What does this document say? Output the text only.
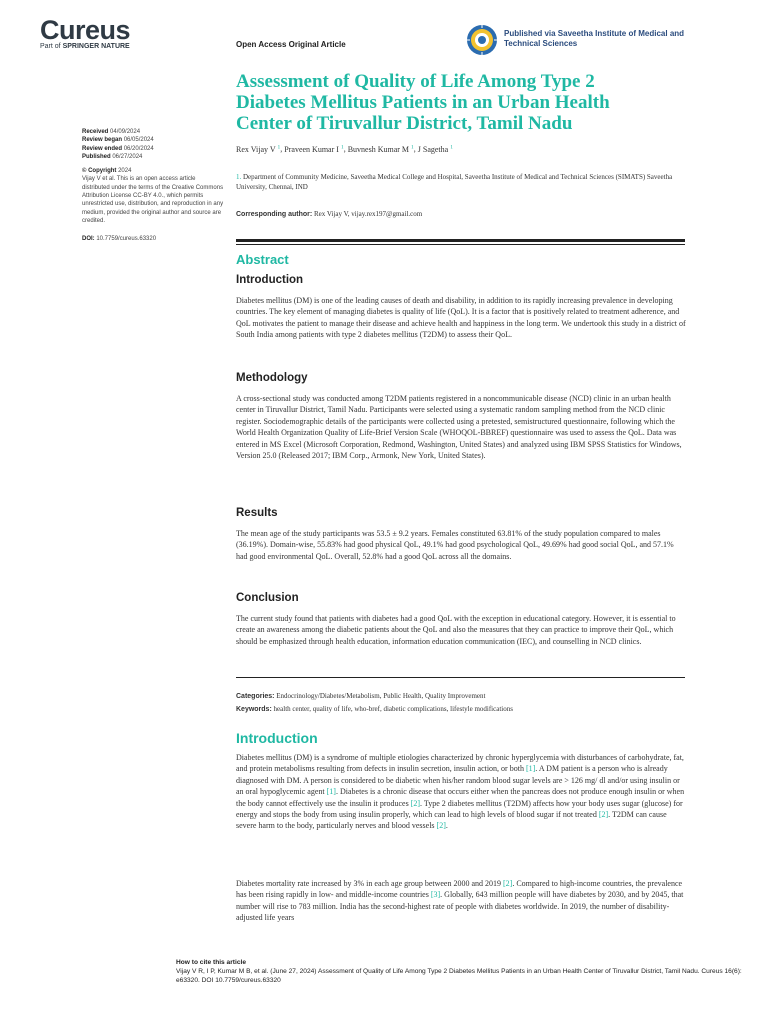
Cureus
Part of SPRINGER NATURE	Open Access Original Article
Published via Saveetha Institute of Medical and Technical Sciences
Assessment of Quality of Life Among Type 2 Diabetes Mellitus Patients in an Urban Health Center of Tiruvallur District, Tamil Nadu
Received 04/09/2024
Review began 06/05/2024
Review ended 06/20/2024
Published 06/27/2024
© Copyright 2024
Vijay V et al. This is an open access article distributed under the terms of the Creative Commons Attribution License CC-BY 4.0., which permits unrestricted use, distribution, and reproduction in any medium, provided the original author and source are credited.
DOI: 10.7759/cureus.63320
Rex Vijay V $^1$, Praveen Kumar I $^1$, Buvnesh Kumar M $^1$, J Sagetha $^1$
1. Department of Community Medicine, Saveetha Medical College and Hospital, Saveetha Institute of Medical and Technical Sciences (SIMATS) Saveetha University, Chennai, IND
Corresponding author: Rex Vijay V, vijay.rex197@gmail.com
Abstract
Introduction

Diabetes mellitus (DM) is one of the leading causes of death and disability, in addition to its rapidly increasing prevalence in developing countries. The key element of managing diabetes is quality of life (QoL). It is a factor that is positively related to treatment adherence, and QoL motivates the patient to manage their disease and achieve health and happiness in the long term. We undertook this study in a district of South India among patients with type 2 diabetes mellitus (T2DM) to assess their QoL.

Methodology

A cross-sectional study was conducted among T2DM patients registered in a noncommunicable disease (NCD) clinic in an urban health center in Tiruvallur District, Tamil Nadu. Participants were selected using a systematic random sampling method from the NCD clinic register. Sociodemographic details of the participants were collected using a pretested, semistructured questionnaire, following which the World Health Organization Quality of Life-Brief Version Scale (WHOQOL-BBREF) questionnaire was used to assess the QoL. Data was entered in MS Excel (Microsoft Corporation, Redmond, Washington, United States) and analyzed using IBM SPSS Statistics for Windows, Version 25.0 (Released 2017; IBM Corp., Armonk, New York, United States).

Results

The mean age of the study participants was 53.5 ± 9.2 years. Females constituted 63.81% of the study population compared to males (36.19%). Domain-wise, 55.83% had good physical QoL, 49.1% had good psychological QoL, 49.69% had good social QoL, and 57.1% had good environmental QoL. Overall, 52.8% had a good QoL across all the domains.

Conclusion

The current study found that patients with diabetes had a good QoL with the exception in educational category. However, it is essential to create an awareness among the diabetic patients about the QoL and also the measures that they can practice to improve their QoL, which should be emphasized through health education, information education communication (IEC), and counselling in NCD clinics.

Categories: Endocrinology/Diabetes/Metabolism, Public Health, Quality Improvement
Keywords: health center, quality of life, who-bref, diabetic complications, lifestyle modifications
Introduction

Diabetes mellitus (DM) is a syndrome of multiple etiologies characterized by chronic hyperglycemia with disturbances of carbohydrate, fat, and protein metabolisms resulting from defects in insulin secretion, insulin action, or both [1]. A DM patient is a person who is already diagnosed with DM. A person is considered to be diabetic when his/her random blood sugar levels are > 126 mg/ dl and/or using insulin or an oral hypoglycemic agent [1]. Diabetes is a chronic disease that occurs either when the pancreas does not produce enough insulin or when the body cannot effectively use the insulin it produces [2]. Type 2 diabetes mellitus (T2DM) affects how your body uses sugar (glucose) for energy and stops the body from using insulin properly, which can lead to high levels of blood sugar if not treated [2]. T2DM can cause severe harm to the body, particularly nerves and blood vessels [2].

Diabetes mortality rate increased by 3% in each age group between 2000 and 2019 [2]. Compared to high-income countries, the prevalence has been rising rapidly in low- and middle-income countries [3]. Globally, 643 million people will have diabetes by 2030, and by 2045, that number will rise to 783 million. India has the second-highest rate of people with diabetes worldwide. In 2019, the number of disability-adjusted life years

How to cite this article
Vijay V R, I P, Kumar M B, et al. (June 27, 2024) Assessment of Quality of Life Among Type 2 Diabetes Mellitus Patients in an Urban Health Center of Tiruvallur District, Tamil Nadu. Cureus 16(6): e63320. DOI 10.7759/cureus.63320
